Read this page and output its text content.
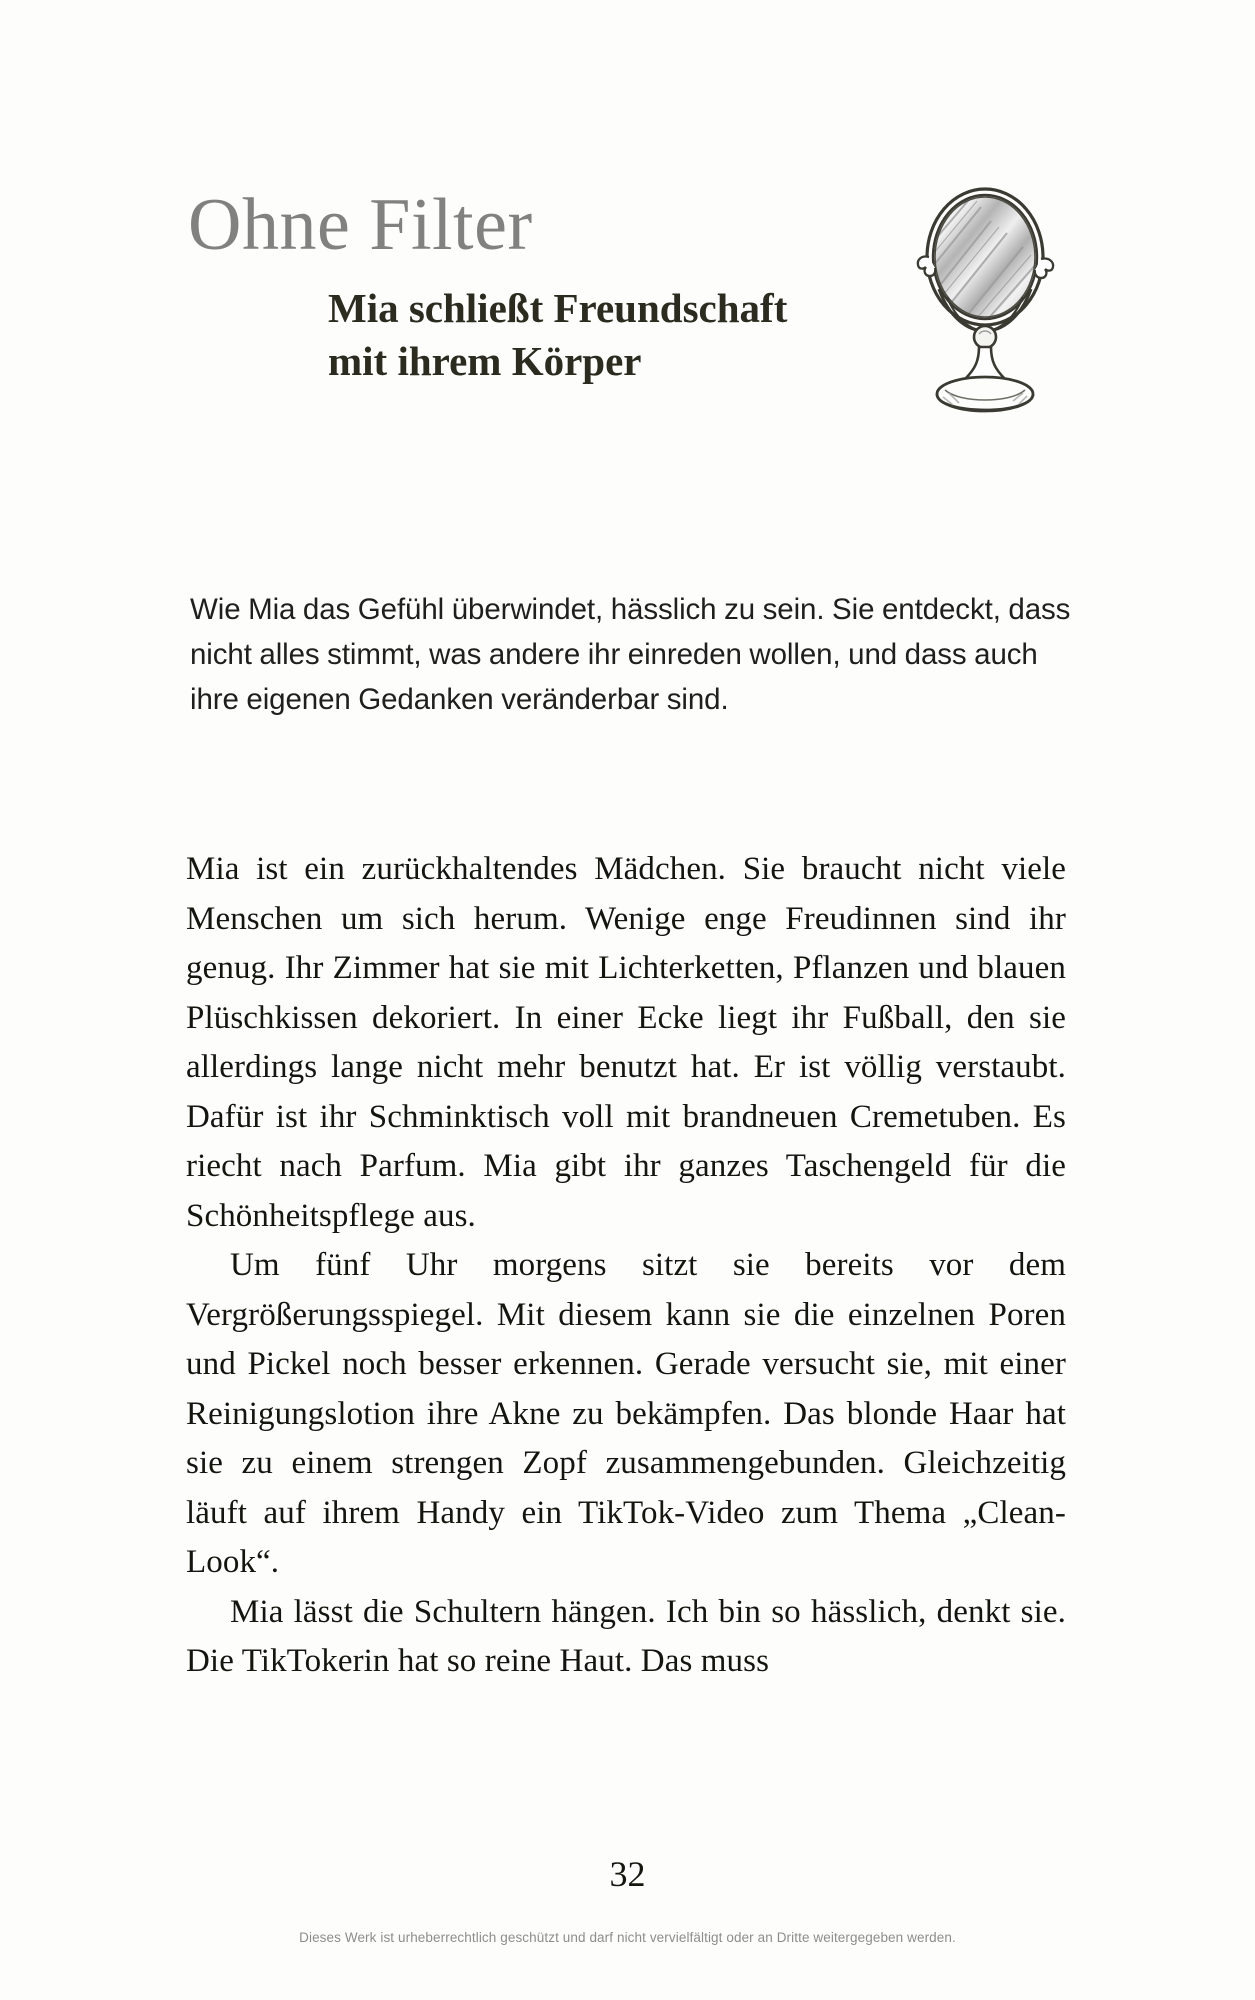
Ohne Filter
Mia schließt Freundschaft
mit ihrem Körper

Wie Mia das Gefühl überwindet, hässlich zu sein. Sie entdeckt, dass nicht alles stimmt, was andere ihr einreden wollen, und dass auch ihre eigenen Gedanken veränderbar sind.

Mia ist ein zurückhaltendes Mädchen. Sie braucht nicht viele Menschen um sich herum. Wenige enge Freudinnen sind ihr genug. Ihr Zimmer hat sie mit Lichterketten, Pflanzen und blauen Plüschkissen dekoriert. In einer Ecke liegt ihr Fußball, den sie allerdings lange nicht mehr benutzt hat. Er ist völlig verstaubt. Dafür ist ihr Schminktisch voll mit brandneuen Cremetuben. Es riecht nach Parfum. Mia gibt ihr ganzes Taschengeld für die Schönheitspflege aus.

Um fünf Uhr morgens sitzt sie bereits vor dem Vergrößerungsspiegel. Mit diesem kann sie die einzelnen Poren und Pickel noch besser erkennen. Gerade versucht sie, mit einer Reinigungslotion ihre Akne zu bekämpfen. Das blonde Haar hat sie zu einem strengen Zopf zusammengebunden. Gleichzeitig läuft auf ihrem Handy ein TikTok-Video zum Thema „Clean-Look“.

Mia lässt die Schultern hängen. Ich bin so hässlich, denkt sie. Die TikTokerin hat so reine Haut. Das muss

32
Dieses Werk ist urheberrechtlich geschützt und darf nicht vervielfältigt oder an Dritte weitergegeben werden.
